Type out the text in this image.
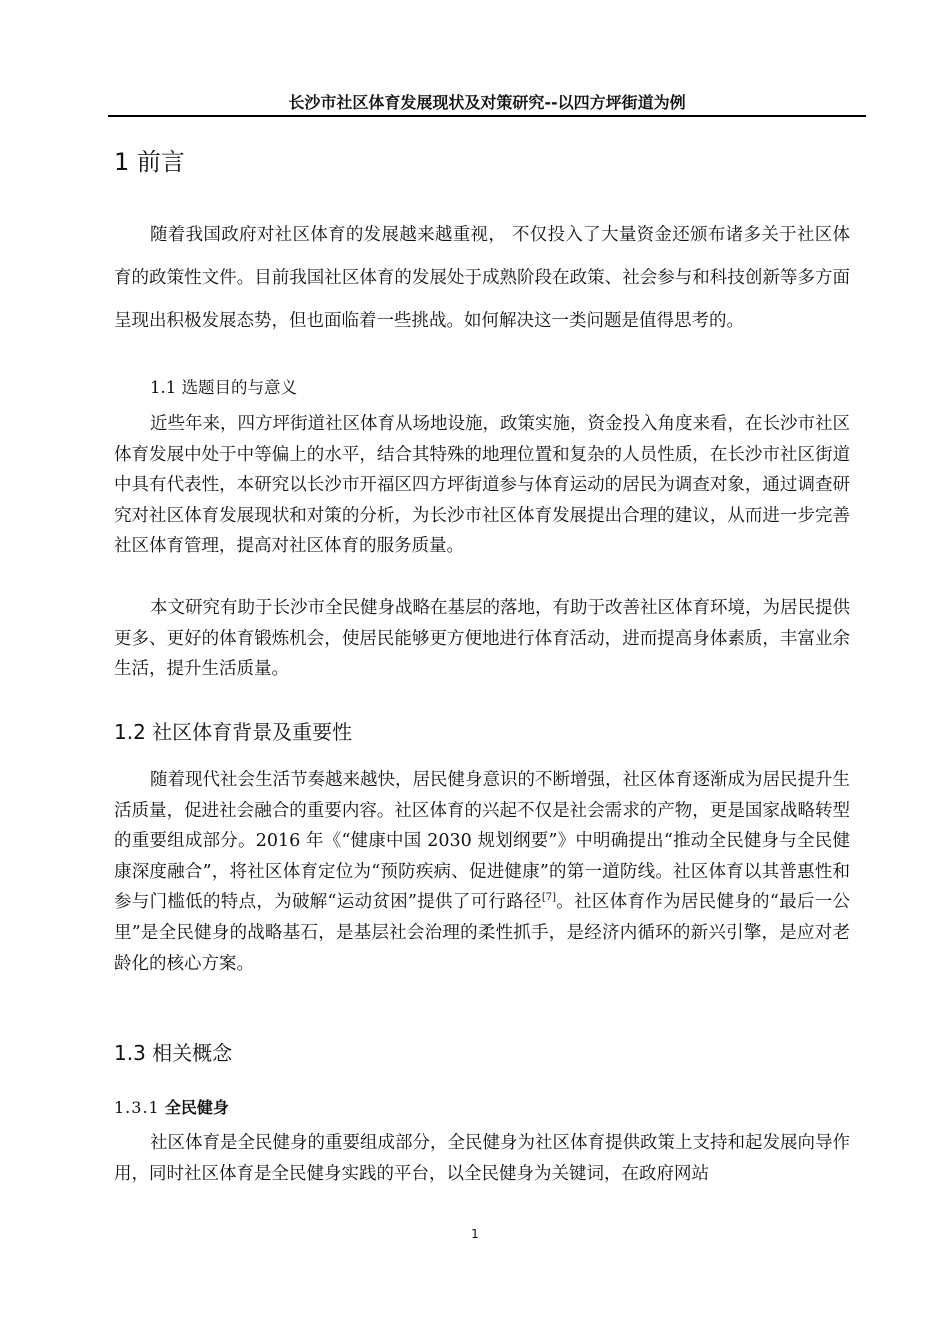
长沙市社区体育发展现状及对策研究--以四方坪街道为例
1 前言
随着我国政府对社区体育的发展越来越重视， 不仅投入了大量资金还颁布诸多关于社区体育的政策性文件。目前我国社区体育的发展处于成熟阶段在政策、社会参与和科技创新等多方面呈现出积极发展态势，但也面临着一些挑战。如何解决这一类问题是值得思考的。
1.1 选题目的与意义
近些年来，四方坪街道社区体育从场地设施，政策实施，资金投入角度来看，在长沙市社区体育发展中处于中等偏上的水平，结合其特殊的地理位置和复杂的人员性质，在长沙市社区街道中具有代表性，本研究以长沙市开福区四方坪街道参与体育运动的居民为调查对象，通过调查研究对社区体育发展现状和对策的分析，为长沙市社区体育发展提出合理的建议，从而进一步完善社区体育管理，提高对社区体育的服务质量。
本文研究有助于长沙市全民健身战略在基层的落地，有助于改善社区体育环境，为居民提供更多、更好的体育锻炼机会，使居民能够更方便地进行体育活动，进而提高身体素质，丰富业余生活，提升生活质量。
1.2 社区体育背景及重要性
随着现代社会生活节奏越来越快，居民健身意识的不断增强，社区体育逐渐成为居民提升生活质量，促进社会融合的重要内容。社区体育的兴起不仅是社会需求的产物，更是国家战略转型的重要组成部分。2016 年《“健康中国 2030 规划纲要”》中明确提出“推动全民健身与全民健康深度融合”，将社区体育定位为“预防疾病、促进健康”的第一道防线。社区体育以其普惠性和参与门槛低的特点，为破解“运动贫困”提供了可行路径[7]。社区体育作为居民健身的“最后一公里”是全民健身的战略基石，是基层社会治理的柔性抓手，是经济内循环的新兴引擎，是应对老龄化的核心方案。
1.3 相关概念
1.3.1 全民健身
社区体育是全民健身的重要组成部分，全民健身为社区体育提供政策上支持和起发展向导作用，同时社区体育是全民健身实践的平台，以全民健身为关键词，在政府网站
1
